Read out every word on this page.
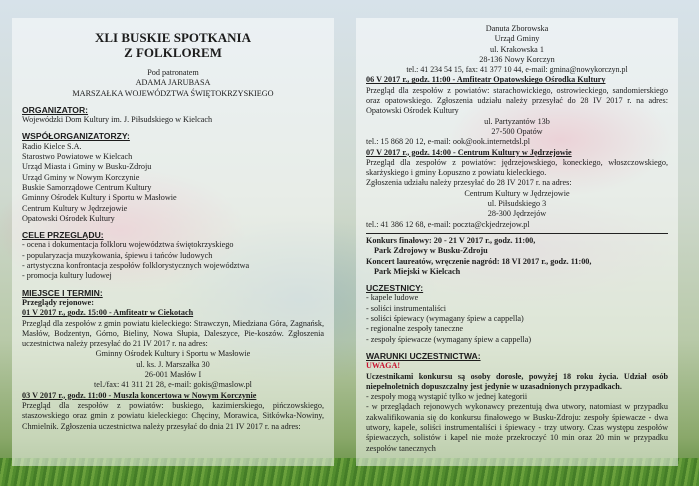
XLI BUSKIE SPOTKANIA
Z FOLKLOREM
Pod patronatem
ADAMA JARUBASA
MARSZAŁKA WOJEWÓDZTWA ŚWIĘTOKRZYSKIEGO
ORGANIZATOR:
Wojewódzki Dom Kultury im. J. Piłsudskiego w Kielcach
WSPÓŁORGANIZATORZY:
Radio Kielce S.A.
Starostwo Powiatowe w Kielcach
Urząd Miasta i Gminy w Busku-Zdroju
Urząd Gminy w Nowym Korczynie
Buskie Samorządowe Centrum Kultury
Gminny Ośrodek Kultury i Sportu w Masłowie
Centrum Kultury w Jędrzejowie
Opatowski Ośrodek Kultury
CELE PRZEGLĄDU:
- ocena i dokumentacja folkloru województwa świętokrzyskiego
- popularyzacja muzykowania, śpiewu i tańców ludowych
- artystyczna konfrontacja zespołów folklorystycznych województwa
- promocja kultury ludowej
MIEJSCE I TERMIN:
Przeglądy rejonowe:
01 V 2017 r., godz. 15:00 - Amfiteatr w Ciekotach
Przegląd dla zespołów z gmin powiatu kieleckiego: Strawczyn, Miedziana Góra, Zagnańsk, Masłów, Bodzentyn, Górno, Bieliny, Nowa Słupia, Daleszyce, Pie-koszów. Zgłoszenia uczestnictwa należy przesyłać do 21 IV 2017 r. na adres:
Gminny Ośrodek Kultury i Sportu w Masłowie
ul. ks. J. Marszałka 30
26-001 Masłów I
tel./fax: 41 311 21 28, e-mail: gokis@maslow.pl
03 V 2017 r., godz. 11:00 - Muszla koncertowa w Nowym Korczynie
Przegląd dla zespołów z powiatów: buskiego, kazimierskiego, pińczowskiego, staszowskiego oraz gmin z powiatu kieleckiego: Chęciny, Morawica, Sitkówka-Nowiny, Chmielnik. Zgłoszenia uczestnictwa należy przesyłać do dnia 21 IV 2017 r. na adres:
Danuta Zborowska
Urząd Gminy
ul. Krakowska 1
28-136 Nowy Korczyn
tel.: 41 234 54 15, fax: 41 377 10 44, e-mail: gmina@nowykorczyn.pl
06 V 2017 r., godz. 11:00 - Amfiteatr Opatowskiego Ośrodka Kultury
Przegląd dla zespołów z powiatów: starachowickiego, ostrowieckiego, sandomierskiego oraz opatowskiego. Zgłoszenia udziału należy przesyłać do 28 IV 2017 r. na adres: Opatowski Ośrodek Kultury
ul. Partyzantów 13b
27-500 Opatów
tel.: 15 868 20 12, e-mail: ook@ook.internetdsl.pl
07 V 2017 r., godz. 14:00 - Centrum Kultury w Jędrzejowie
Przegląd dla zespołów z powiatów: jędrzejowskiego, koneckiego, włoszczowskiego, skarżyskiego i gminy Łopuszno z powiatu kieleckiego.
Zgłoszenia udziału należy przesyłać do 28 IV 2017 r. na adres:
Centrum Kultury w Jędrzejowie
ul. Piłsudskiego 3
28-300 Jędrzejów
tel.: 41 386 12 68, e-mail: poczta@ckjedrzejow.pl
Konkurs finałowy: 20 - 21 V 2017 r., godz. 11:00,
Park Zdrojowy w Busku-Zdroju
Koncert laureatów, wręczenie nagród: 18 VI 2017 r., godz. 11:00,
Park Miejski w Kielcach
UCZESTNICY:
- kapele ludowe
- soliści instrumentaliści
- soliści śpiewacy (wymagany śpiew a cappella)
- regionalne zespoły taneczne
- zespoły śpiewacze (wymagany śpiew a cappella)
WARUNKI UCZESTNICTWA:
UWAGA!
Uczestnikami konkursu są osoby dorosłe, powyżej 18 roku życia. Udział osób niepełnoletnich dopuszczalny jest jedynie w uzasadnionych przypadkach.
- zespoły mogą wystąpić tylko w jednej kategorii
- w przeglądach rejonowych wykonawcy prezentują dwa utwory, natomiast w przypadku zakwalifikowania się do konkursu finałowego w Busku-Zdroju: zespoły śpiewacze - dwa utwory, kapele, soliści instrumentaliści i śpiewacy - trzy utwory. Czas występu zespołów śpiewaczych, solistów i kapel nie może przekroczyć 10 min oraz 20 min w przypadku zespołów tanecznych
